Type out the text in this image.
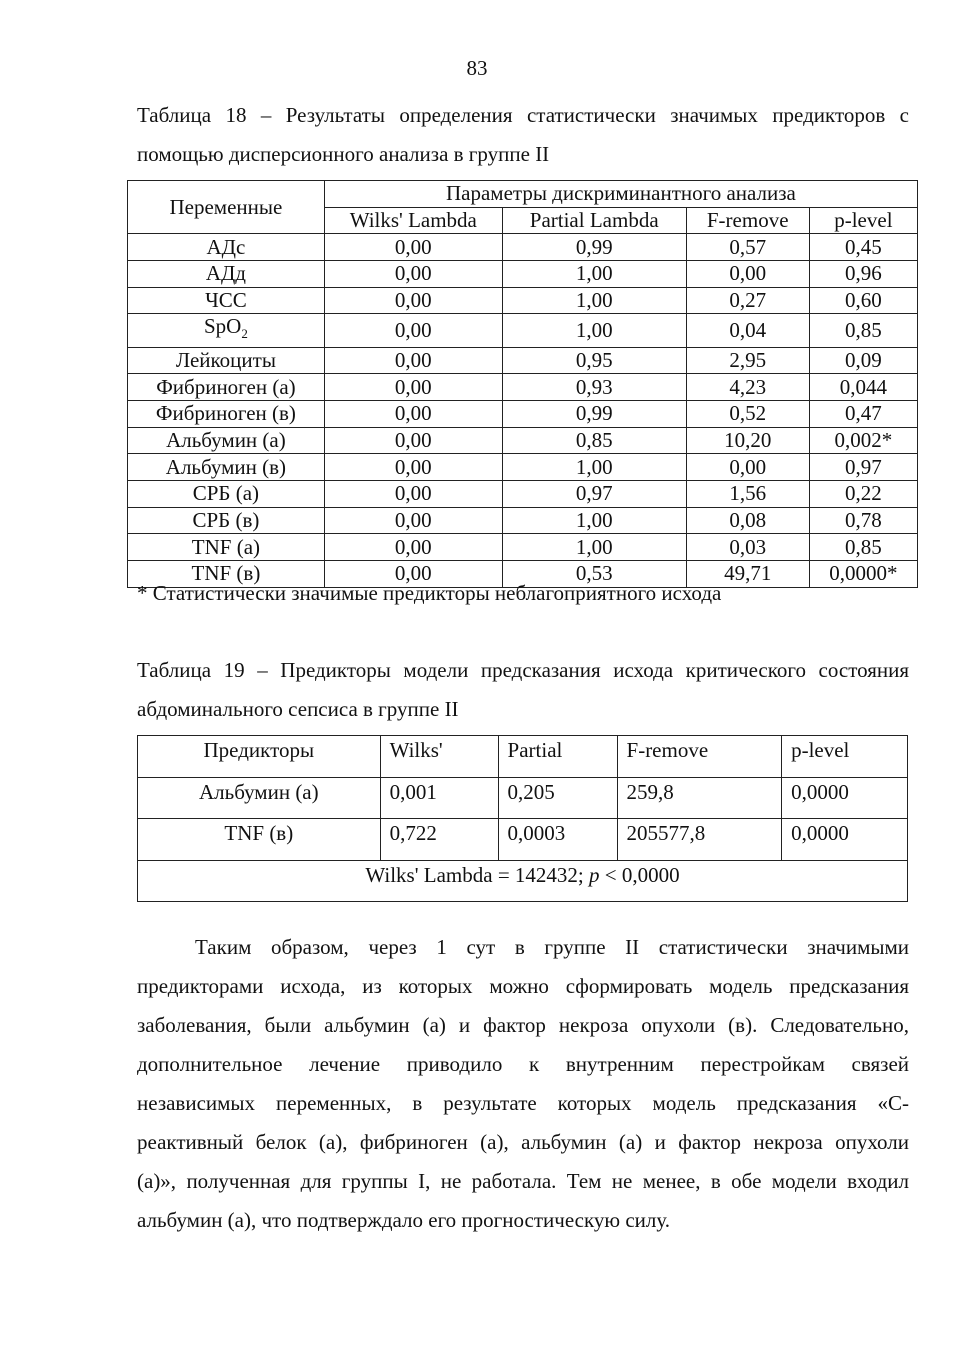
83
Таблица 18 – Результаты определения статистически значимых предикторов с
помощью дисперсионного анализа в группе II
Переменные	Параметры дискриминантного анализа			
	Wilks' Lambda	Partial Lambda	F-remove	p-level
АДс	0,00	0,99	0,57	0,45
АДд	0,00	1,00	0,00	0,96
ЧСС	0,00	1,00	0,27	0,60
SpO$_2$	0,00	1,00	0,04	0,85
Лейкоциты	0,00	0,95	2,95	0,09
Фибриноген (а)	0,00	0,93	4,23	0,044
Фибриноген (в)	0,00	0,99	0,52	0,47
Альбумин (а)	0,00	0,85	10,20	0,002*
Альбумин (в)	0,00	1,00	0,00	0,97
СРБ (а)	0,00	0,97	1,56	0,22
СРБ (в)	0,00	1,00	0,08	0,78
TNF (а)	0,00	1,00	0,03	0,85
TNF (в)	0,00	0,53	49,71	0,0000*
* Статистически значимые предикторы неблагоприятного исхода
Таблица 19 – Предикторы модели предсказания исхода критического состояния
абдоминального сепсиса в группе II
Предикторы	Wilks'	Partial	F-remove	p-level
Альбумин (а)	0,001	0,205	259,8	0,0000
TNF (в)	0,722	0,0003	205577,8	0,0000
Wilks' Lambda = 142432; p < 0,0000				
Таким образом, через 1 сут в группе II статистически значимыми
предикторами исхода, из которых можно сформировать модель предсказания
заболевания, были альбумин (а) и фактор некроза опухоли (в). Следовательно,
дополнительное лечение приводило к внутренним перестройкам связей
независимых переменных, в результате которых модель предсказания «С-
реактивный белок (а), фибриноген (а), альбумин (а) и фактор некроза опухоли
(а)», полученная для группы I, не работала. Тем не менее, в обе модели входил
альбумин (а), что подтверждало его прогностическую силу.
